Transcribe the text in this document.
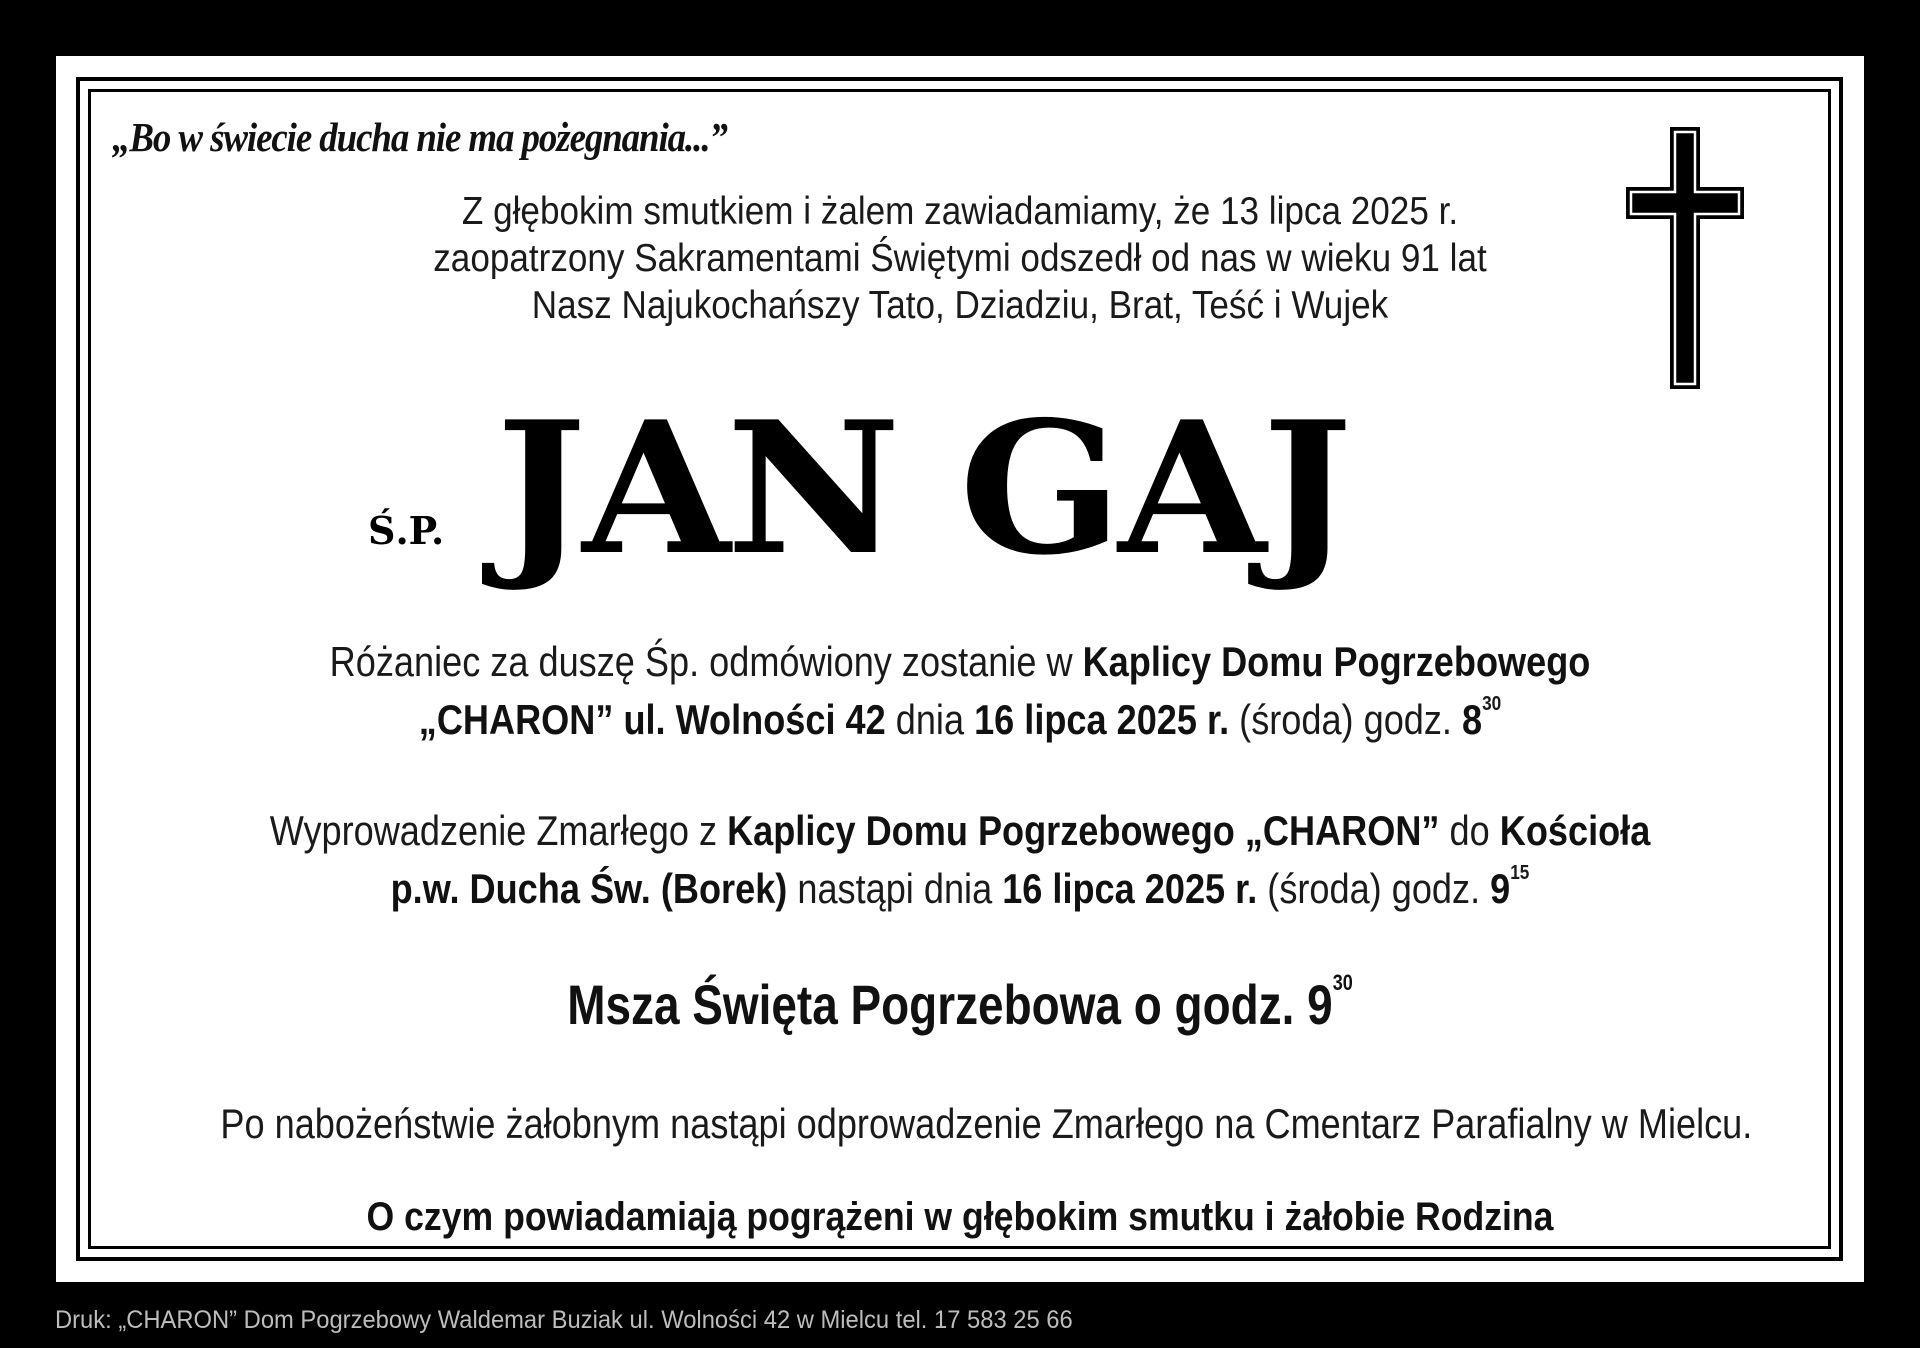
„Bo w świecie ducha nie ma pożegnania...”

Z głębokim smutkiem i żalem zawiadamiamy, że 13 lipca 2025 r.
zaopatrzony Sakramentami Świętymi odszedł od nas w wieku 91 lat
Nasz Najukochańszy Tato, Dziadziu, Brat, Teść i Wujek

Ś.P. JAN GAJ

Różaniec za duszę Śp. odmówiony zostanie w Kaplicy Domu Pogrzebowego
„CHARON” ul. Wolności 42 dnia 16 lipca 2025 r. (środa) godz. $8^{30}$

Wyprowadzenie Zmarłego z Kaplicy Domu Pogrzebowego „CHARON” do Kościoła
p.w. Ducha Św. (Borek) nastąpi dnia 16 lipca 2025 r. (środa) godz. $9^{15}$

Msza Święta Pogrzebowa o godz. $9^{30}$

Po nabożeństwie żałobnym nastąpi odprowadzenie Zmarłego na Cmentarz Parafialny w Mielcu.

O czym powiadamiają pogrążeni w głębokim smutku i żałobie Rodzina

Druk: „CHARON” Dom Pogrzebowy Waldemar Buziak ul. Wolności 42 w Mielcu tel. 17 583 25 66
